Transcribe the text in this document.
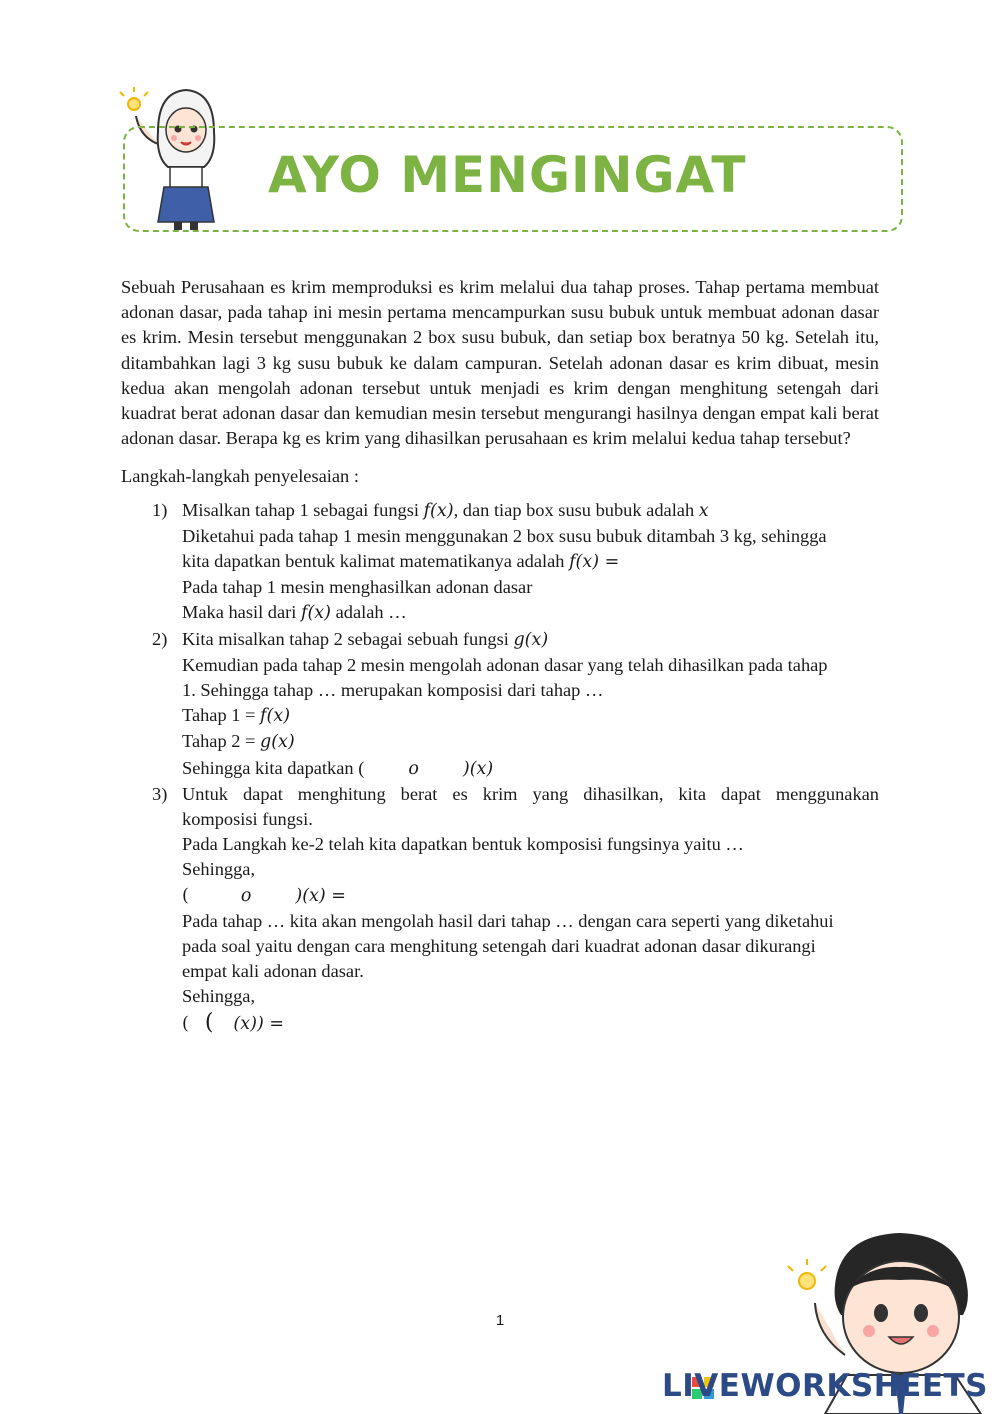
AYO MENGINGAT

Sebuah Perusahaan es krim memproduksi es krim melalui dua tahap proses. Tahap pertama membuat adonan dasar, pada tahap ini mesin pertama mencampurkan susu bubuk untuk membuat adonan dasar es krim. Mesin tersebut menggunakan 2 box susu bubuk, dan setiap box beratnya 50 kg. Setelah itu, ditambahkan lagi 3 kg susu bubuk ke dalam campuran. Setelah adonan dasar es krim dibuat, mesin kedua akan mengolah adonan tersebut untuk menjadi es krim dengan menghitung setengah dari kuadrat berat adonan dasar dan kemudian mesin tersebut mengurangi hasilnya dengan empat kali berat adonan dasar. Berapa kg es krim yang dihasilkan perusahaan es krim melalui kedua tahap tersebut?

Langkah-langkah penyelesaian :

1) Misalkan tahap 1 sebagai fungsi f(x), dan tiap box susu bubuk adalah x
Diketahui pada tahap 1 mesin menggunakan 2 box susu bubuk ditambah 3 kg, sehingga
kita dapatkan bentuk kalimat matematikanya adalah f(x) =
Pada tahap 1 mesin menghasilkan adonan dasar
Maka hasil dari f(x) adalah …
2) Kita misalkan tahap 2 sebagai sebuah fungsi g(x)
Kemudian pada tahap 2 mesin mengolah adonan dasar yang telah dihasilkan pada tahap
1. Sehingga tahap … merupakan komposisi dari tahap …
Tahap 1 = f(x)
Tahap 2 = g(x)
Sehingga kita dapatkan (	o	)(x)
3) Untuk dapat menghitung berat es krim yang dihasilkan, kita dapat menggunakan
komposisi fungsi.
Pada Langkah ke-2 telah kita dapatkan bentuk komposisi fungsinya yaitu …
Sehingga,
(	o	)(x) =
Pada tahap … kita akan mengolah hasil dari tahap … dengan cara seperti yang diketahui
pada soal yaitu dengan cara menghitung setengah dari kuadrat adonan dasar dikurangi
empat kali adonan dasar.
Sehingga,
( ( (x)) =
1
LIVEWORKSHEETS
